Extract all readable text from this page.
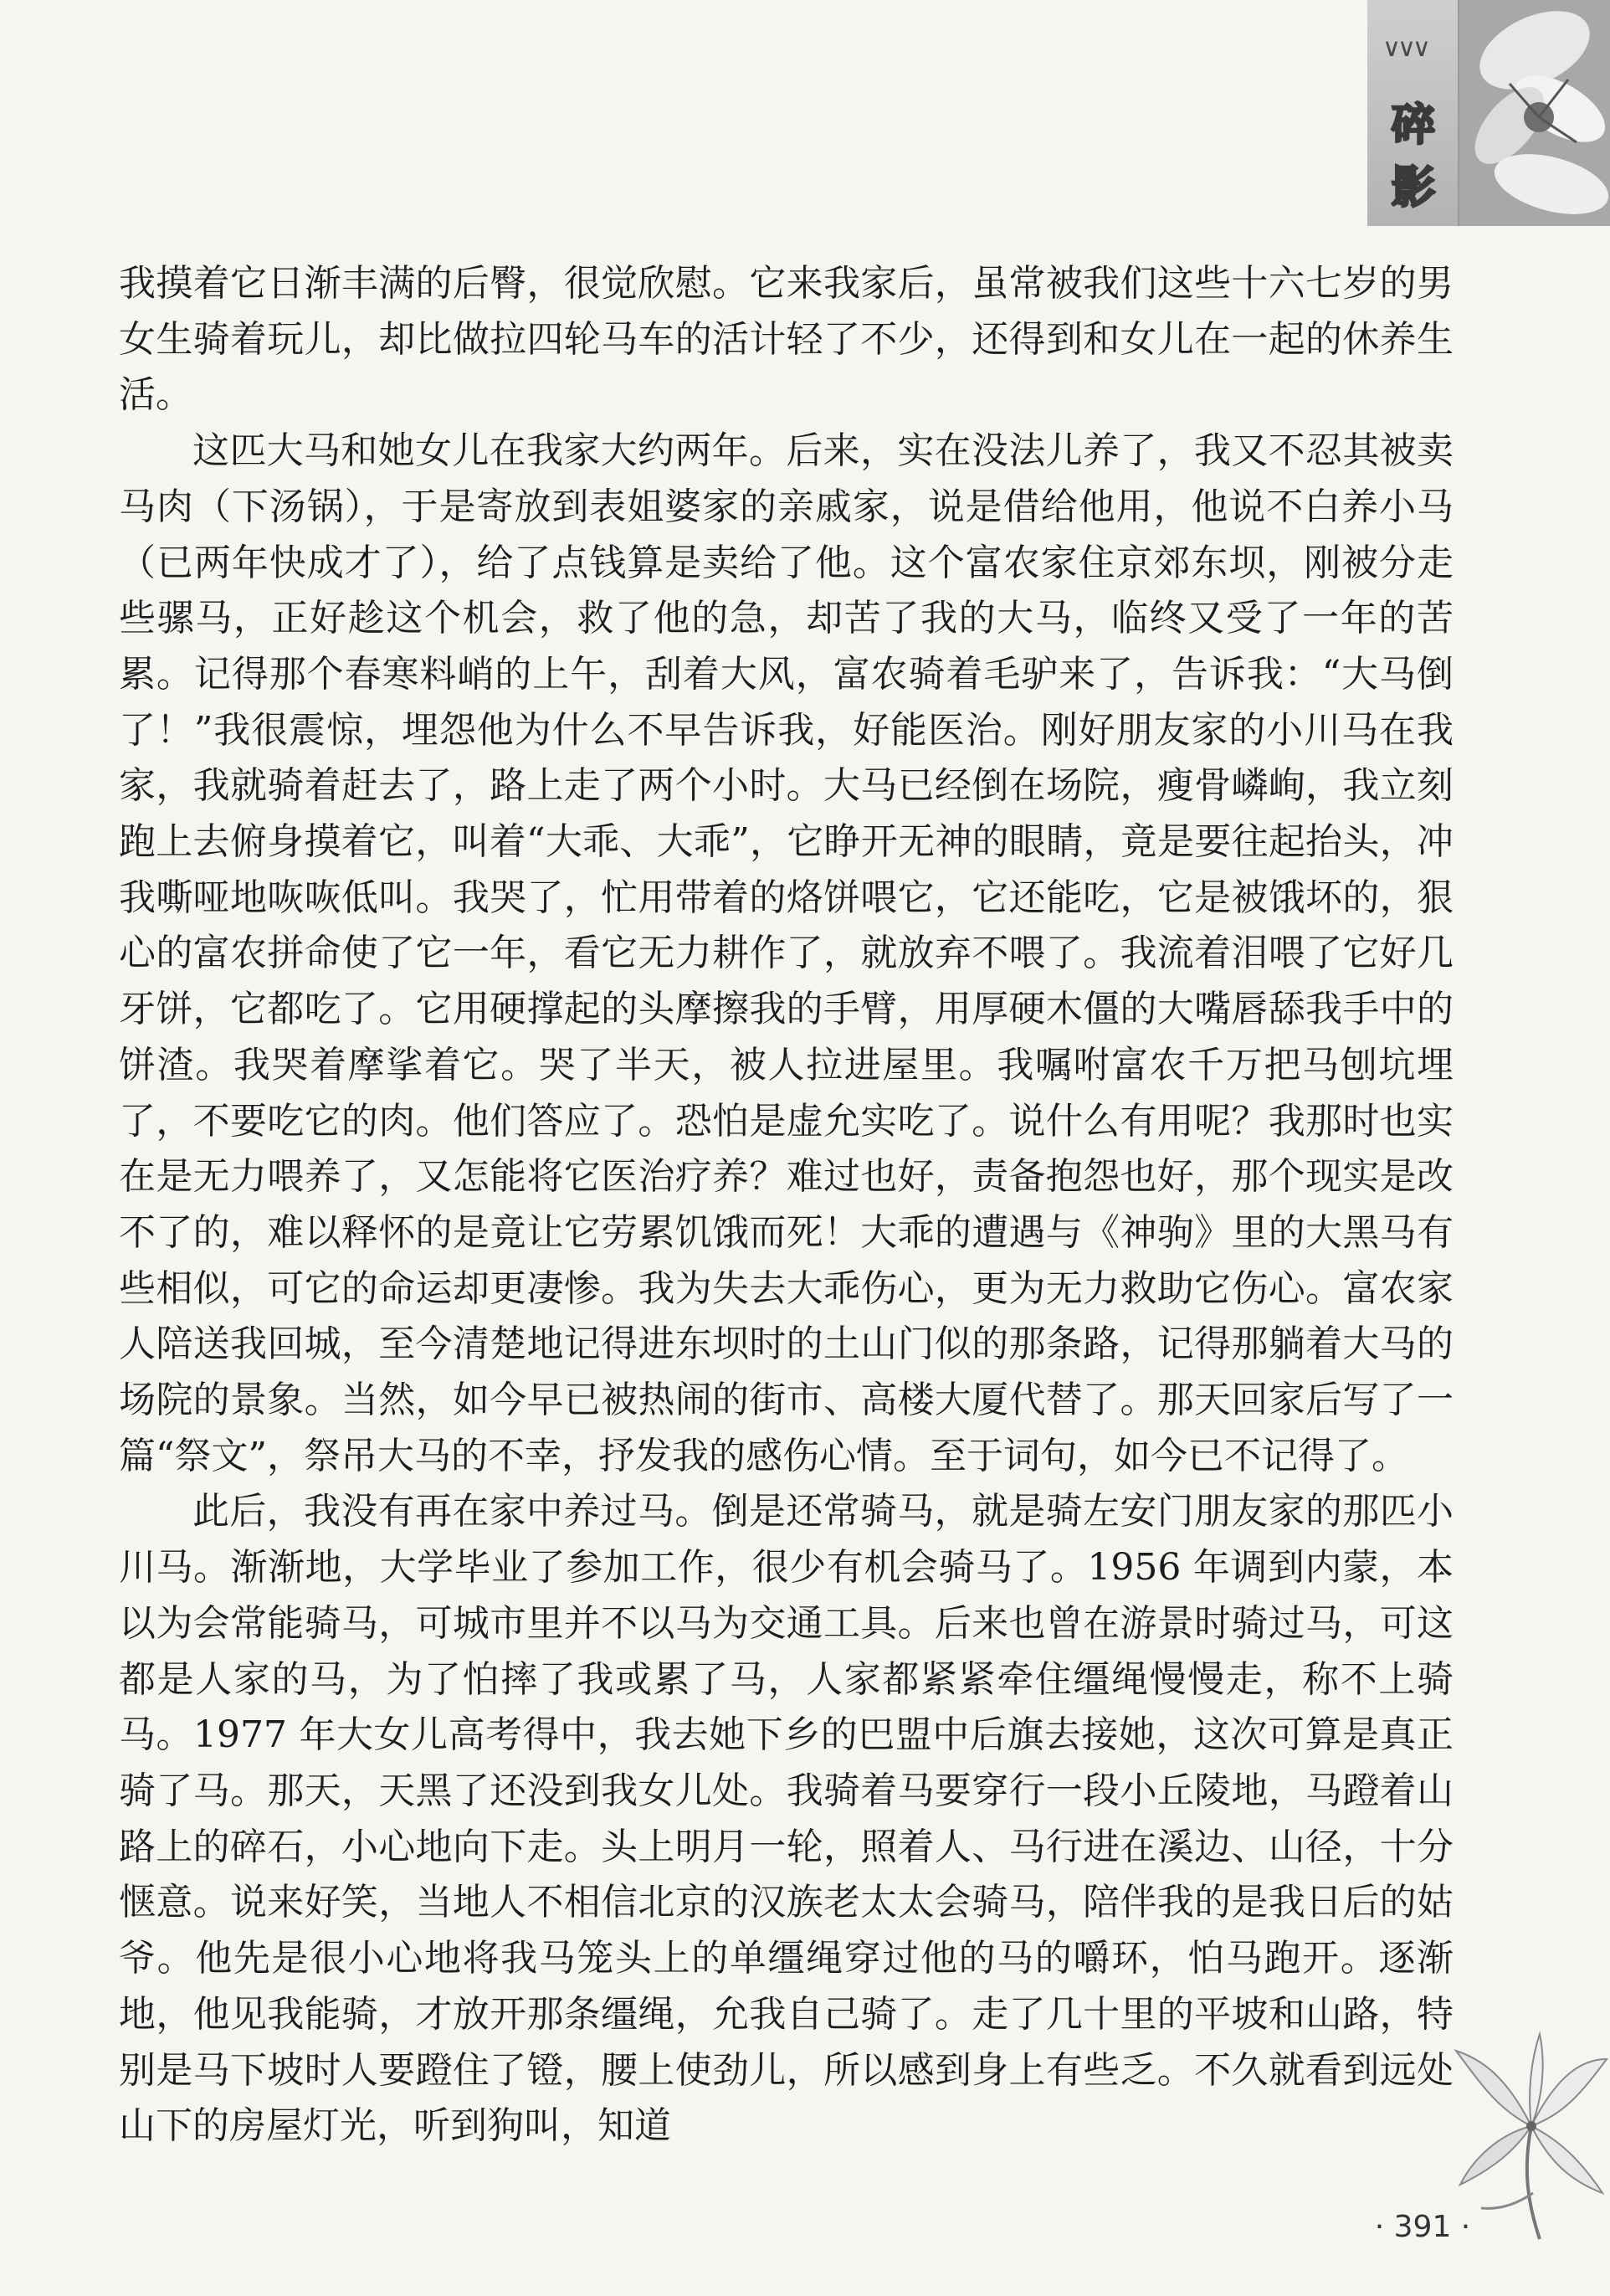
∨∨∨
碎
影

我摸着它日渐丰满的后臀，很觉欣慰。它来我家后，虽常被我们这些十六七岁的男女生骑着玩儿，却比做拉四轮马车的活计轻了不少，还得到和女儿在一起的休养生活。

这匹大马和她女儿在我家大约两年。后来，实在没法儿养了，我又不忍其被卖马肉（下汤锅），于是寄放到表姐婆家的亲戚家，说是借给他用，他说不白养小马（已两年快成才了），给了点钱算是卖给了他。这个富农家住京郊东坝，刚被分走些骡马，正好趁这个机会，救了他的急，却苦了我的大马，临终又受了一年的苦累。记得那个春寒料峭的上午，刮着大风，富农骑着毛驴来了，告诉我：“大马倒了！”我很震惊，埋怨他为什么不早告诉我，好能医治。刚好朋友家的小川马在我家，我就骑着赶去了，路上走了两个小时。大马已经倒在场院，瘦骨嶙峋，我立刻跑上去俯身摸着它，叫着“大乖、大乖”，它睁开无神的眼睛，竟是要往起抬头，冲我嘶哑地咴咴低叫。我哭了，忙用带着的烙饼喂它，它还能吃，它是被饿坏的，狠心的富农拼命使了它一年，看它无力耕作了，就放弃不喂了。我流着泪喂了它好几牙饼，它都吃了。它用硬撑起的头摩擦我的手臂，用厚硬木僵的大嘴唇舔我手中的饼渣。我哭着摩挲着它。哭了半天，被人拉进屋里。我嘱咐富农千万把马刨坑埋了，不要吃它的肉。他们答应了。恐怕是虚允实吃了。说什么有用呢？我那时也实在是无力喂养了，又怎能将它医治疗养？难过也好，责备抱怨也好，那个现实是改不了的，难以释怀的是竟让它劳累饥饿而死！大乖的遭遇与《神驹》里的大黑马有些相似，可它的命运却更凄惨。我为失去大乖伤心，更为无力救助它伤心。富农家人陪送我回城，至今清楚地记得进东坝时的土山门似的那条路，记得那躺着大马的场院的景象。当然，如今早已被热闹的街市、高楼大厦代替了。那天回家后写了一篇“祭文”，祭吊大马的不幸，抒发我的感伤心情。至于词句，如今已不记得了。

此后，我没有再在家中养过马。倒是还常骑马，就是骑左安门朋友家的那匹小川马。渐渐地，大学毕业了参加工作，很少有机会骑马了。1956 年调到内蒙，本以为会常能骑马，可城市里并不以马为交通工具。后来也曾在游景时骑过马，可这都是人家的马，为了怕摔了我或累了马，人家都紧紧牵住缰绳慢慢走，称不上骑马。1977 年大女儿高考得中，我去她下乡的巴盟中后旗去接她，这次可算是真正骑了马。那天，天黑了还没到我女儿处。我骑着马要穿行一段小丘陵地，马蹬着山路上的碎石，小心地向下走。头上明月一轮，照着人、马行进在溪边、山径，十分惬意。说来好笑，当地人不相信北京的汉族老太太会骑马，陪伴我的是我日后的姑爷。他先是很小心地将我马笼头上的单缰绳穿过他的马的嚼环，怕马跑开。逐渐地，他见我能骑，才放开那条缰绳，允我自己骑了。走了几十里的平坡和山路，特别是马下坡时人要蹬住了镫，腰上使劲儿，所以感到身上有些乏。不久就看到远处山下的房屋灯光，听到狗叫，知道

· 391 ·
